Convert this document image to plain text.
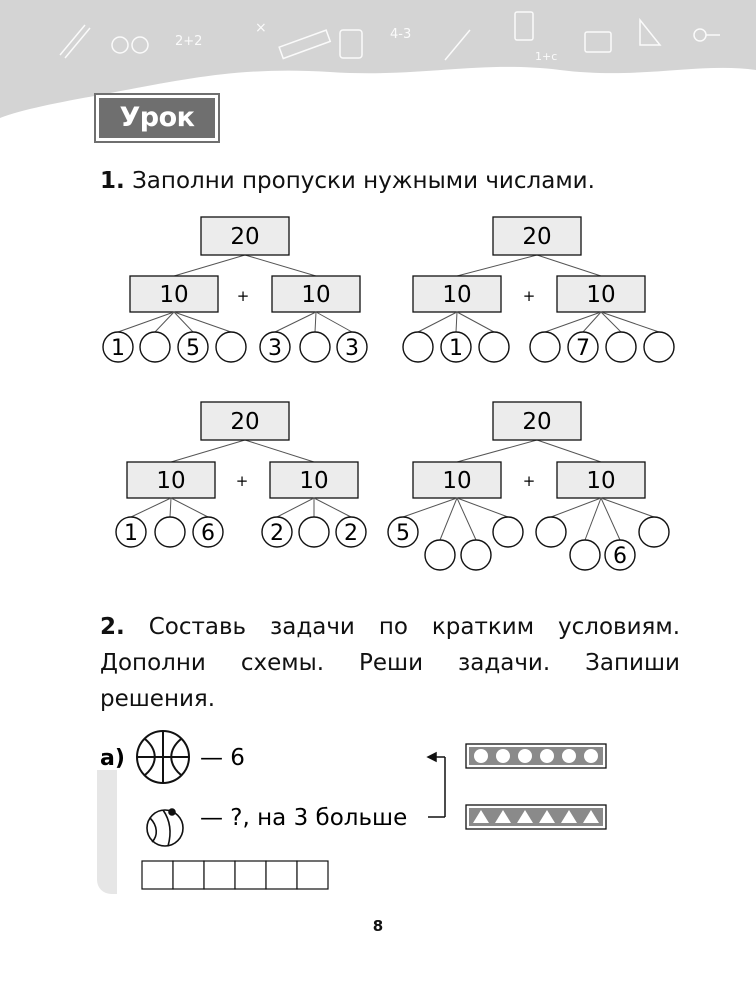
2+2
×	4-3
1+c
Урок 63
1. Заполни пропуски нужными числами.
20
10	10
+
1	5	3	3
20
10	10
+
1	7
20
10	10
+
1	6	2	2
20
10	10
+
5
6
2. Составь задачи по кратким условиям. Дополни схемы. Реши задачи. Запиши решения.
а)	— 6
— ?, на 3 больше
8
